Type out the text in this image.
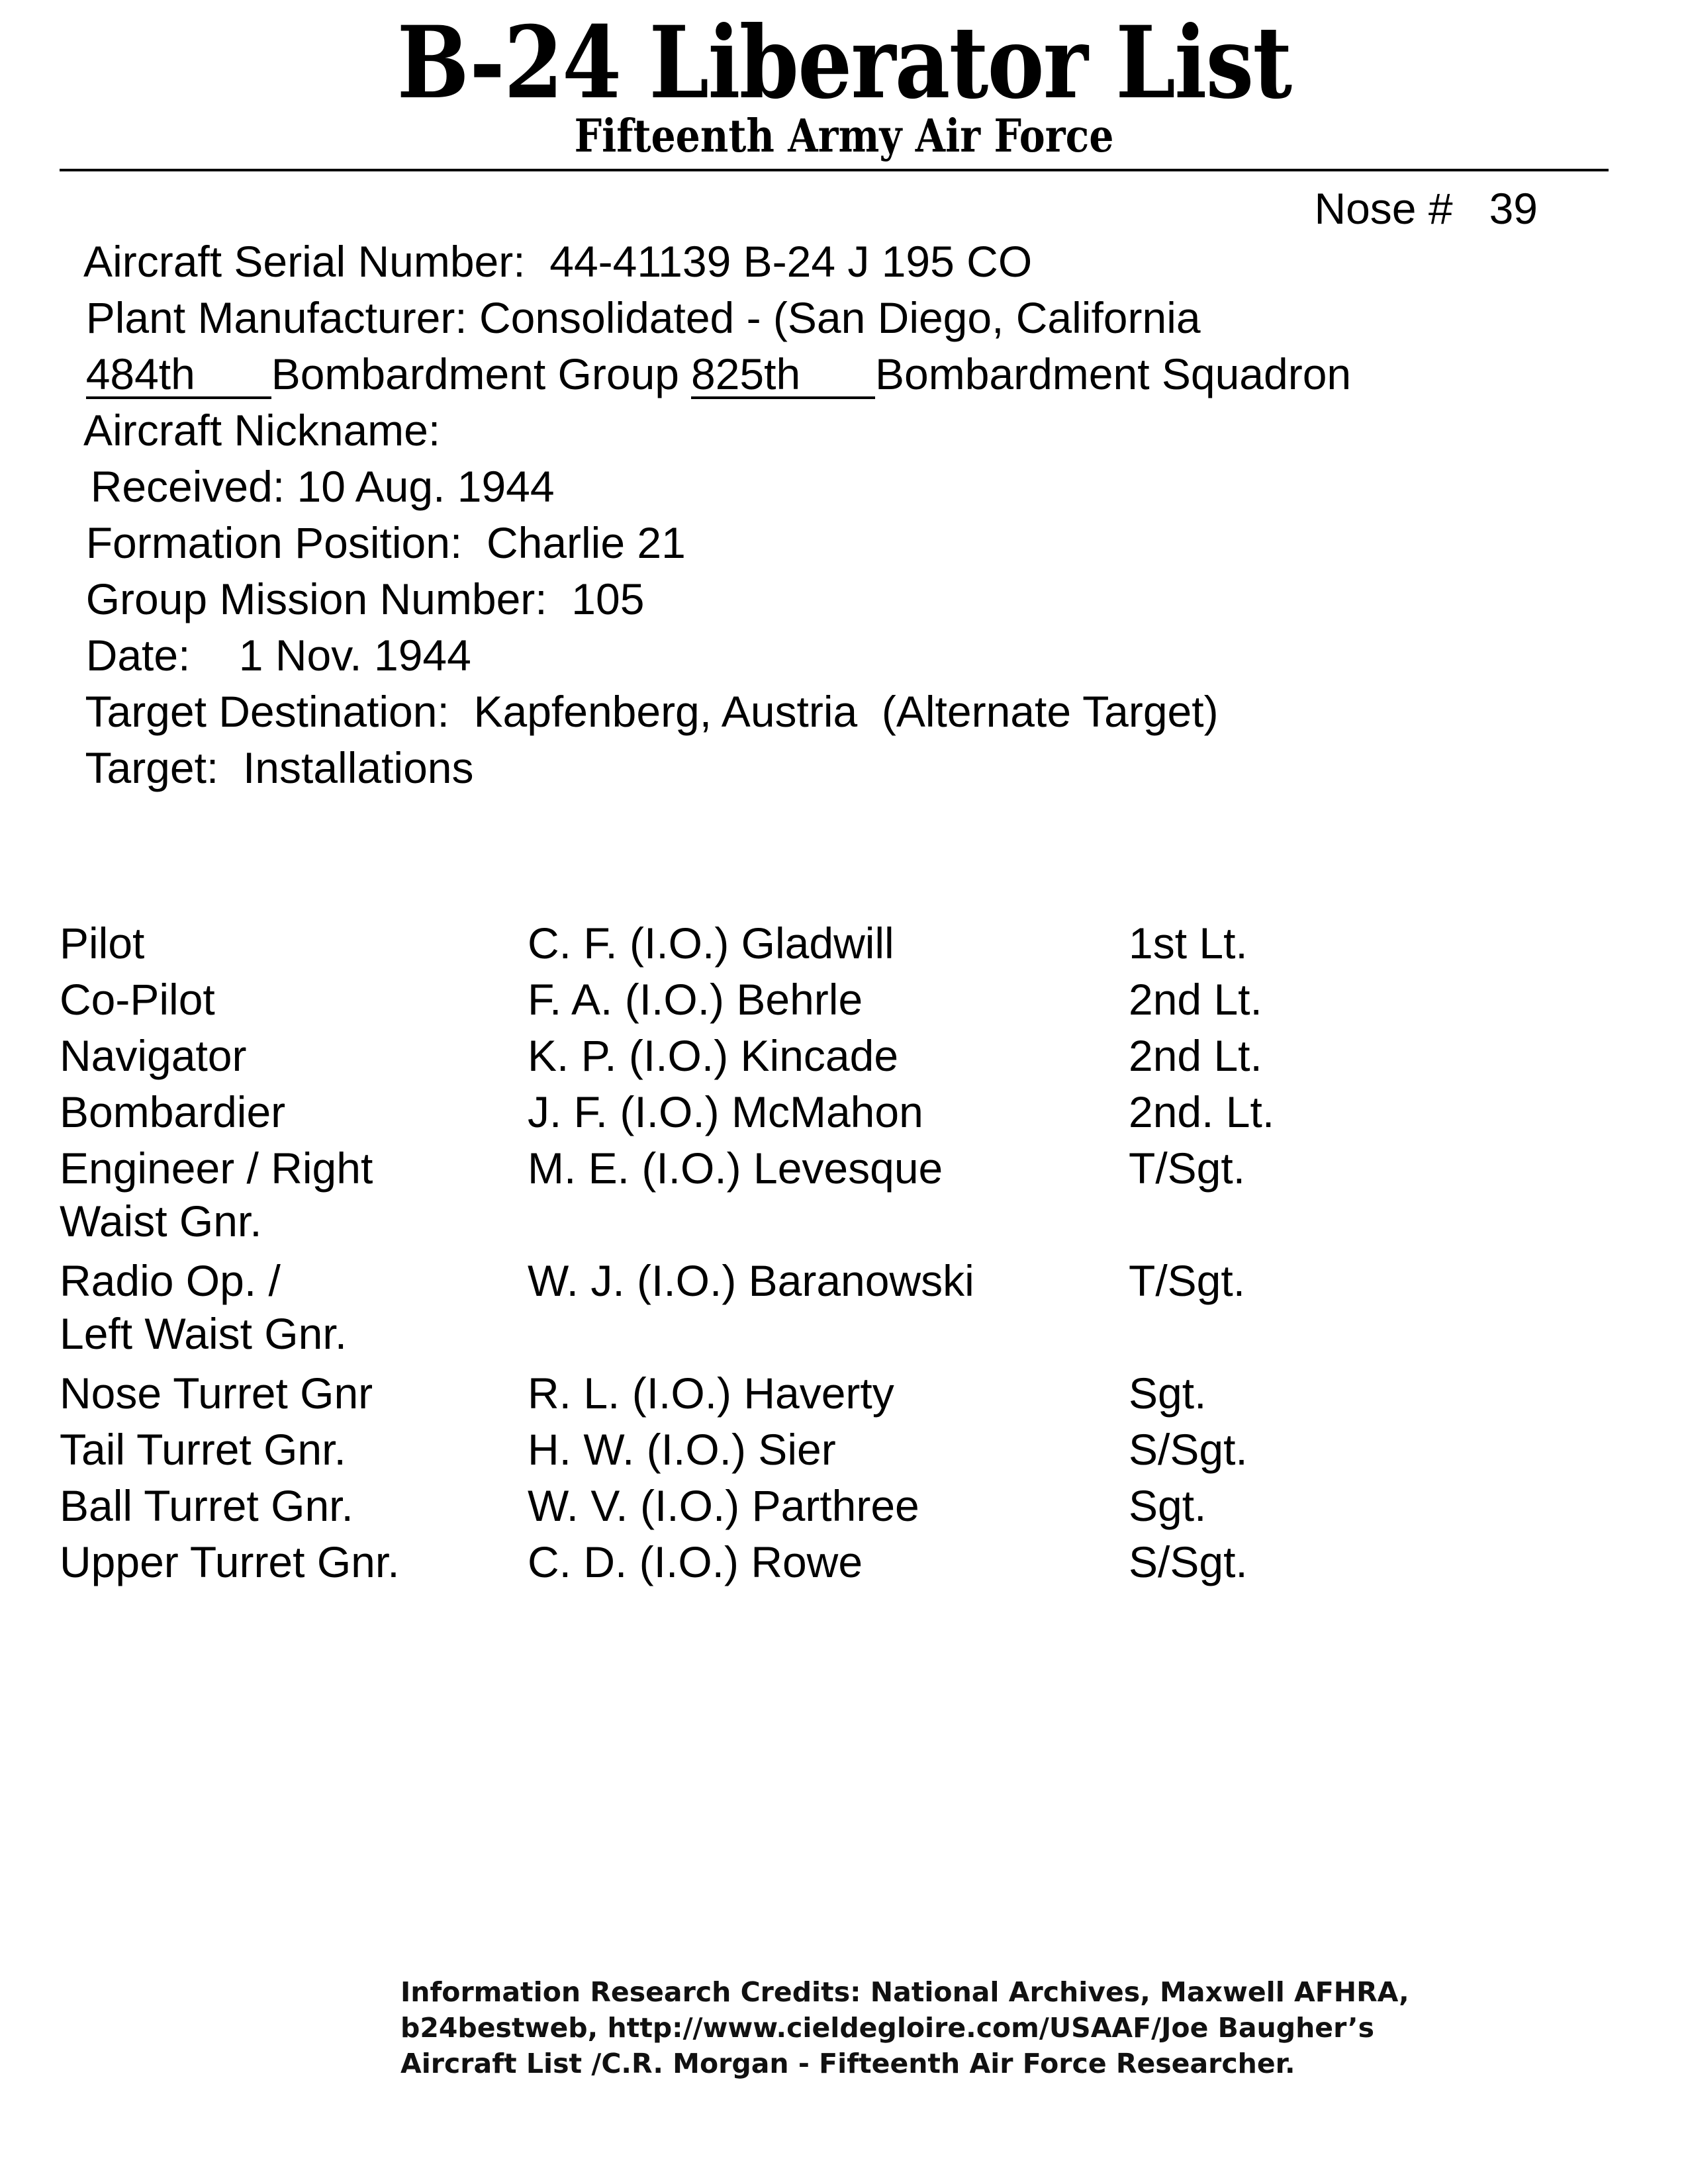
B-24 Liberator List
Fifteenth Army Air Force

Aircraft Serial Number: 44-41139 B-24 J 195 CO

Nose # 39

Plant Manufacturer: Consolidated - (San Diego, California

484th Bombardment Group 825th Bombardment Squadron

Aircraft Nickname:

Received: 10 Aug. 1944

Formation Position: Charlie 21

Group Mission Number: 105

Date: 1 Nov. 1944

Target Destination: Kapfenberg, Austria  (Alternate Target)

Target: Installations

Pilot	C. F. (I.O.) Gladwill	1st Lt.
Co-Pilot	F. A. (I.O.) Behrle	2nd Lt.
Navigator	K. P. (I.O.) Kincade	2nd Lt.
Bombardier	J. F. (I.O.) McMahon	2nd. Lt.
Engineer / Right
Waist Gnr.
M. E. (I.O.) Levesque	T/Sgt.
Radio Op. /
Left Waist Gnr.
W. J. (I.O.) Baranowski	T/Sgt.
Nose Turret Gnr	R. L. (I.O.) Haverty	Sgt.
Tail Turret Gnr.	H. W. (I.O.) Sier	S/Sgt.
Ball Turret Gnr.	W. V. (I.O.) Parthree	Sgt.
Upper Turret Gnr.	C. D. (I.O.) Rowe	S/Sgt.
Information Research Credits: National Archives, Maxwell AFHRA,
b24bestweb, http://www.cieldegloire.com/USAAF/Joe Baugher’s
Aircraft List /C.R. Morgan - Fifteenth Air Force Researcher.
